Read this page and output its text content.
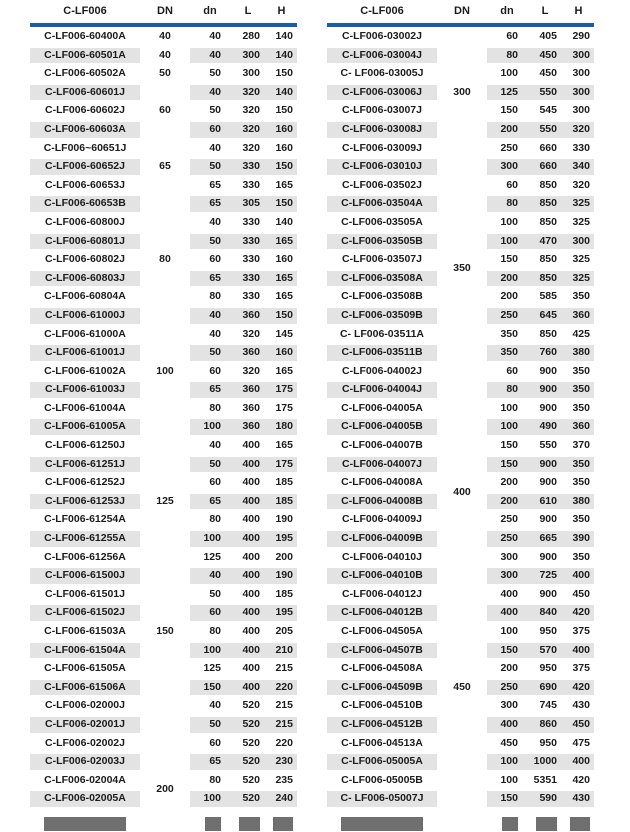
C-LF006	DN	dn	L	H
C-LF006-60400A	40	40	280	140
C-LF006-60501A	40	40	300	140
C-LF006-60502A	50	50	300	150
C-LF006-60601J	60	40	320	140
C-LF006-60602J		50	320	150
C-LF006-60603A		60	320	160
C-LF006~60651J		40	320	160
C-LF006-60652J	65	50	330	150
C-LF006-60653J		65	330	165
C-LF006-60653B		65	305	150
C-LF006-60800J	80	40	330	140
C-LF006-60801J		50	330	165
C-LF006-60802J		60	330	160
C-LF006-60803J		65	330	165
C-LF006-60804A		80	330	165
C-LF006-61000J	100	40	360	150
C-LF006-61000A		40	320	145
C-LF006-61001J		50	360	160
C-LF006-61002A		60	320	165
C-LF006-61003J		65	360	175
C-LF006-61004A		80	360	175
C-LF006-61005A		100	360	180
C-LF006-61250J	125	40	400	165
C-LF006-61251J		50	400	175
C-LF006-61252J		60	400	185
C-LF006-61253J		65	400	185
C-LF006-61254A		80	400	190
C-LF006-61255A		100	400	195
C-LF006-61256A		125	400	200
C-LF006-61500J	150	40	400	190
C-LF006-61501J		50	400	185
C-LF006-61502J		60	400	195
C-LF006-61503A		80	400	205
C-LF006-61504A		100	400	210
C-LF006-61505A		125	400	215
C-LF006-61506A		150	400	220
C-LF006-02000J		40	520	215
C-LF006-02001J		50	520	215
C-LF006-02002J		60	520	220
C-LF006-02003J		65	520	230
C-LF006-02004A	200	80	520	235
C-LF006-02005A		100	520	240

C-LF006	DN	dn	L	H
C-LF006-03002J		60	405	290
C-LF006-03004J		80	450	300
C- LF006-03005J		100	450	300
C-LF006-03006J	300	125	550	300
C-LF006-03007J		150	545	300
C-LF006-03008J		200	550	320
C-LF006-03009J		250	660	330
C-LF006-03010J		300	660	340
C-LF006-03502J		60	850	320
C-LF006-03504A		80	850	325
C-LF006-03505A		100	850	325
C-LF006-03505B		100	470	300
C-LF006-03507J	350	150	850	325
C-LF006-03508A		200	850	325
C-LF006-03508B		200	585	350
C-LF006-03509B		250	645	360
C- LF006-03511A		350	850	425
C-LF006-03511B		350	760	380
C-LF006-04002J		60	900	350
C-LF006-04004J		80	900	350
C-LF006-04005A		100	900	350
C-LF006-04005B		100	490	360
C-LF006-04007B		150	550	370
C-LF006-04007J		150	900	350
C-LF006-04008A	400	200	900	350
C-LF006-04008B		200	610	380
C-LF006-04009J		250	900	350
C-LF006-04009B		250	665	390
C-LF006-04010J		300	900	350
C-LF006-04010B		300	725	400
C-LF006-04012J		400	900	450
C-LF006-04012B		400	840	420
C-LF006-04505A		100	950	375
C-LF006-04507B		150	570	400
C-LF006-04508A		200	950	375
C-LF006-04509B	450	250	690	420
C-LF006-04510B		300	745	430
C-LF006-04512B		400	860	450
C-LF006-04513A		450	950	475
C-LF006-05005A		100	1000	400
C-LF006-05005B		100	5351	420
C- LF006-05007J		150	590	430
